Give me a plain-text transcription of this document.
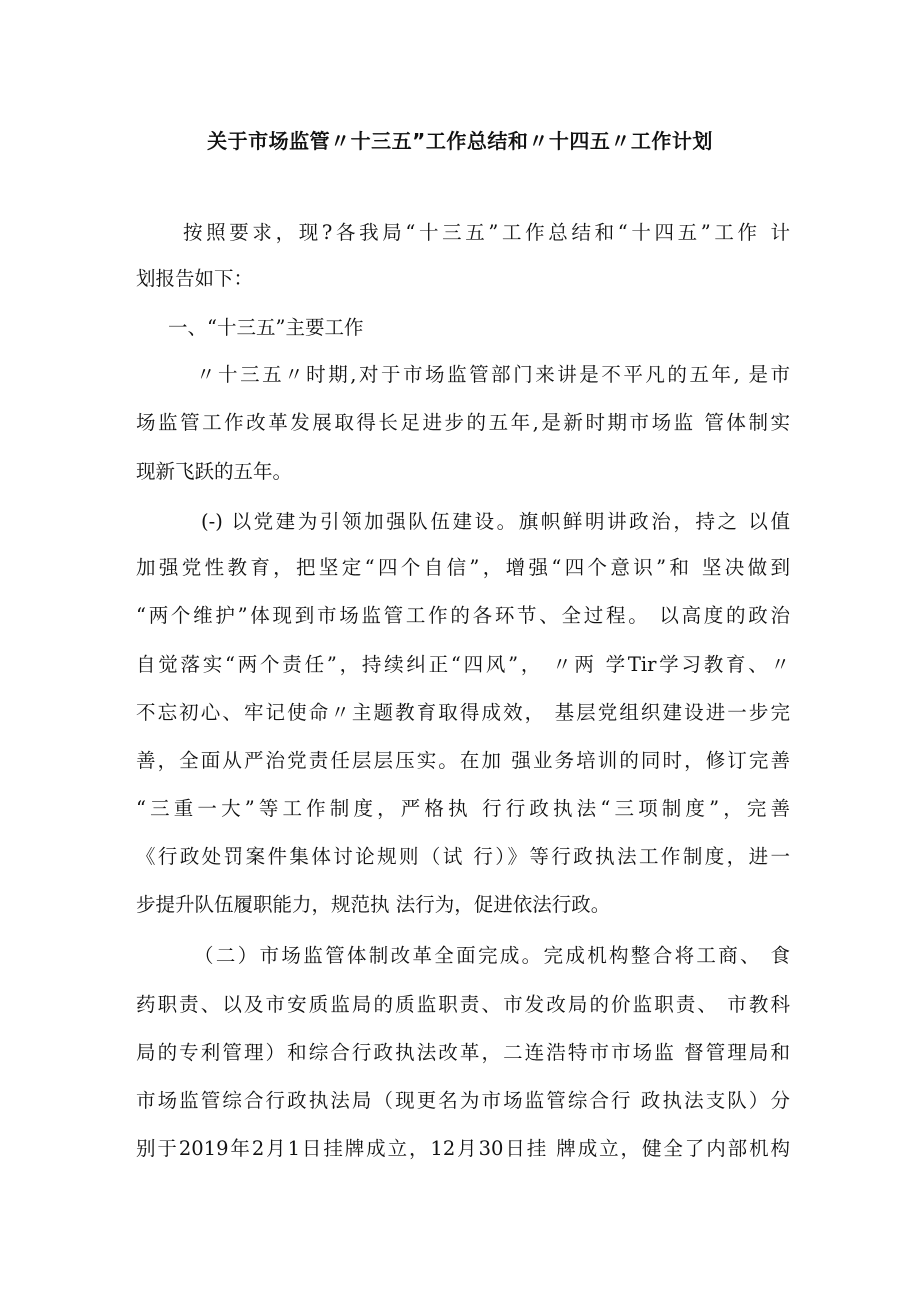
关于市场监管〃十三五”工作总结和〃十四五〃工作计划

按照要求，现?各我局“十三五”工作总结和“十四五”工作 计

划报告如下：

一、“十三五”主要工作

〃十三五〃时期,对于市场监管部门来讲是不平凡的五年, 是市

场监管工作改革发展取得长足进步的五年,是新时期市场监 管体制实

现新飞跃的五年。

(-) 以党建为引领加强队伍建设。旗帜鲜明讲政治，持之 以值

加强党性教育，把坚定“四个自信”，增强“四个意识”和 坚决做到

“两个维护”体现到市场监管工作的各环节、全过程。 以高度的政治

自觉落实“两个责任”，持续纠正“四风”， 〃两 学Tir学习教育、〃

不忘初心、牢记使命〃主题教育取得成效， 基层党组织建设进一步完

善，全面从严治党责任层层压实。在加 强业务培训的同时，修订完善

“三重一大”等工作制度，严格执 行行政执法“三项制度”，完善

《行政处罚案件集体讨论规则（试 行）》等行政执法工作制度，进一

步提升队伍履职能力，规范执 法行为，促进依法行政。

（二）市场监管体制改革全面完成。完成机构整合将工商、 食

药职责、以及市安质监局的质监职责、市发改局的价监职责、 市教科

局的专利管理）和综合行政执法改革，二连浩特市市场监 督管理局和

市场监管综合行政执法局（现更名为市场监管综合行 政执法支队）分

别于2019年2月1日挂牌成立，12月30日挂 牌成立，健全了内部机构
